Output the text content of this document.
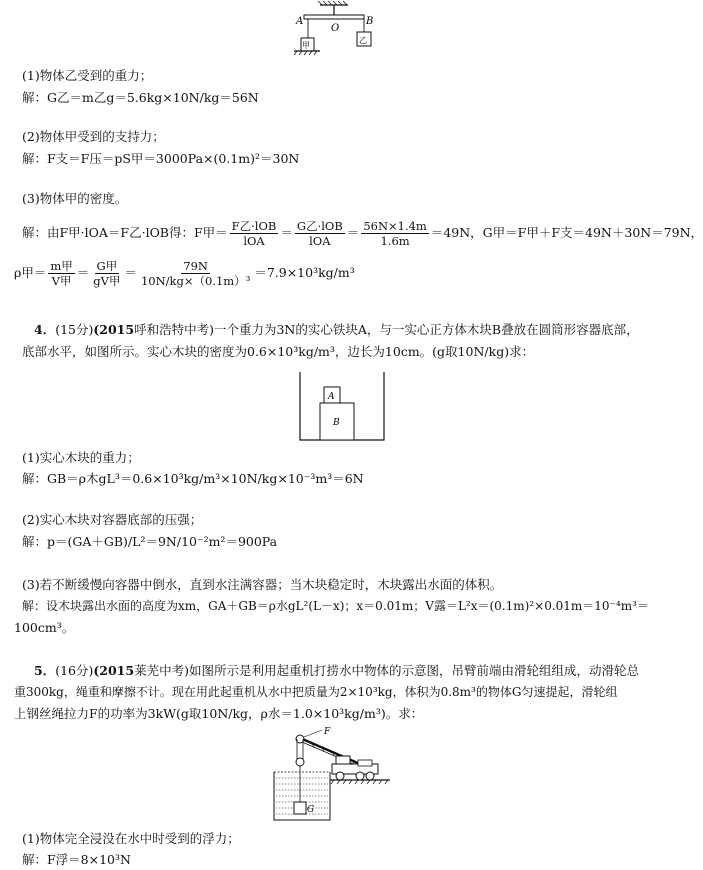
A	B
O
甲
乙
(1)物体乙受到的重力；
解：G乙＝m乙g＝5.6kg×10N/kg＝56N
(2)物体甲受到的支持力；
解：F支＝F压＝pS甲＝3000Pa×(0.1m)²＝30N
(3)物体甲的密度。
解：由F甲·lOA＝F乙·lOB得：F甲＝ $\frac{\text{F乙·lOB}}{\text{lOA}} = \frac{\text{G乙·lOB}}{\text{lOA}} = \frac{56N\times 1.4m}{1.6m} =49N$，G甲＝F甲＋F支＝49N＋30N＝79N，
ρ甲＝ $\frac{\text{m甲}}{\text{V甲}} = \frac{\text{G甲}}{\text{gV甲}} = \frac{79N}{\text{10N/kg×（0.1m）³}} =7.9\times 10^3kg/m^3$
4．(15分)(2015呼和浩特中考)一个重力为3N的实心铁块A，与一实心正方体木块B叠放在圆筒形容器底部，
底部水平，如图所示。实心木块的密度为0.6×10³kg/m³，边长为10cm。(g取10N/kg)求：
A
B
(1)实心木块的重力；
解：GB＝ρ木gL³＝0.6×10³kg/m³×10N/kg×10⁻³m³＝6N
(2)实心木块对容器底部的压强；
解：p＝(GA＋GB)/L²＝9N/10⁻²m²＝900Pa
(3)若不断缓慢向容器中倒水，直到水注满容器；当木块稳定时，木块露出水面的体积。
解：设木块露出水面的高度为xm，GA＋GB＝ρ水gL²(L－x)；x＝0.01m；V露＝L²x＝(0.1m)²×0.01m＝10⁻⁴m³＝
100cm³。
5．(16分)(2015莱芜中考)如图所示是利用起重机打捞水中物体的示意图，吊臂前端由滑轮组组成，动滑轮总
重300kg，绳重和摩擦不计。现在用此起重机从水中把质量为2×10³kg，体积为0.8m³的物体G匀速提起，滑轮组
上钢丝绳拉力F的功率为3kW(g取10N/kg，ρ水＝1.0×10³kg/m³)。求：
F
G
(1)物体完全浸没在水中时受到的浮力；
解：F浮＝8×10³N
